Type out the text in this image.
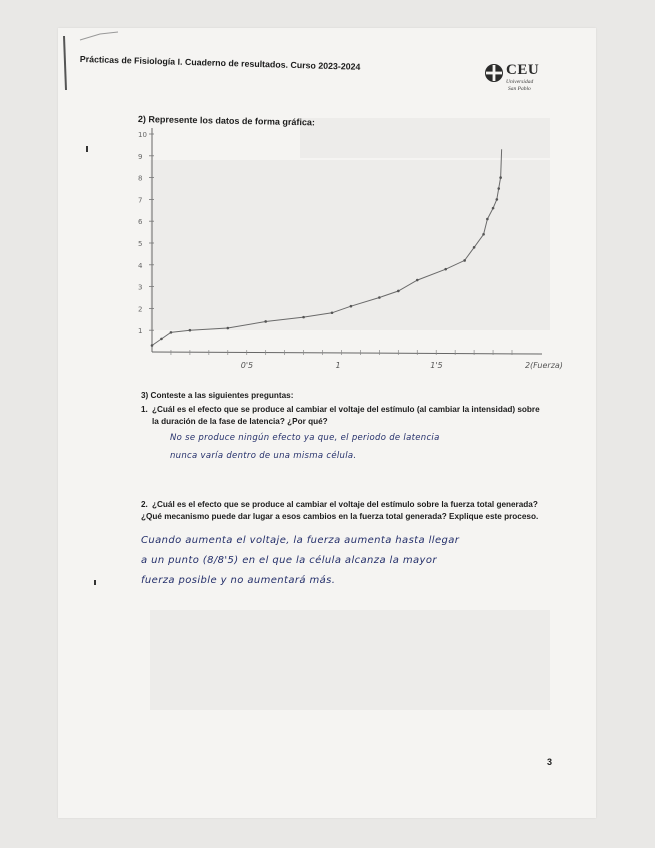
Prácticas de Fisiología I. Cuaderno de resultados. Curso 2023-2024	CEU
Universidad
San Pablo
2) Represente los datos de forma gráfica:
1
2
3
4
5
6
7
8
9
10
0'5	1	1'5	2(Fuerza)
3) Conteste a las siguientes preguntas:
1. ¿Cuál es el efecto que se produce al cambiar el voltaje del estímulo (al cambiar la intensidad) sobre
la duración de la fase de latencia? ¿Por qué?
No se produce ningún efecto ya que, el periodo de latencia
nunca varía dentro de una misma célula.
2. ¿Cuál es el efecto que se produce al cambiar el voltaje del estímulo sobre la fuerza total generada?
¿Qué mecanismo puede dar lugar a esos cambios en la fuerza total generada? Explique este proceso.
Cuando aumenta el voltaje, la fuerza aumenta hasta llegar
a un punto (8/8'5) en el que la célula alcanza la mayor
fuerza posible y no aumentará más.
3
